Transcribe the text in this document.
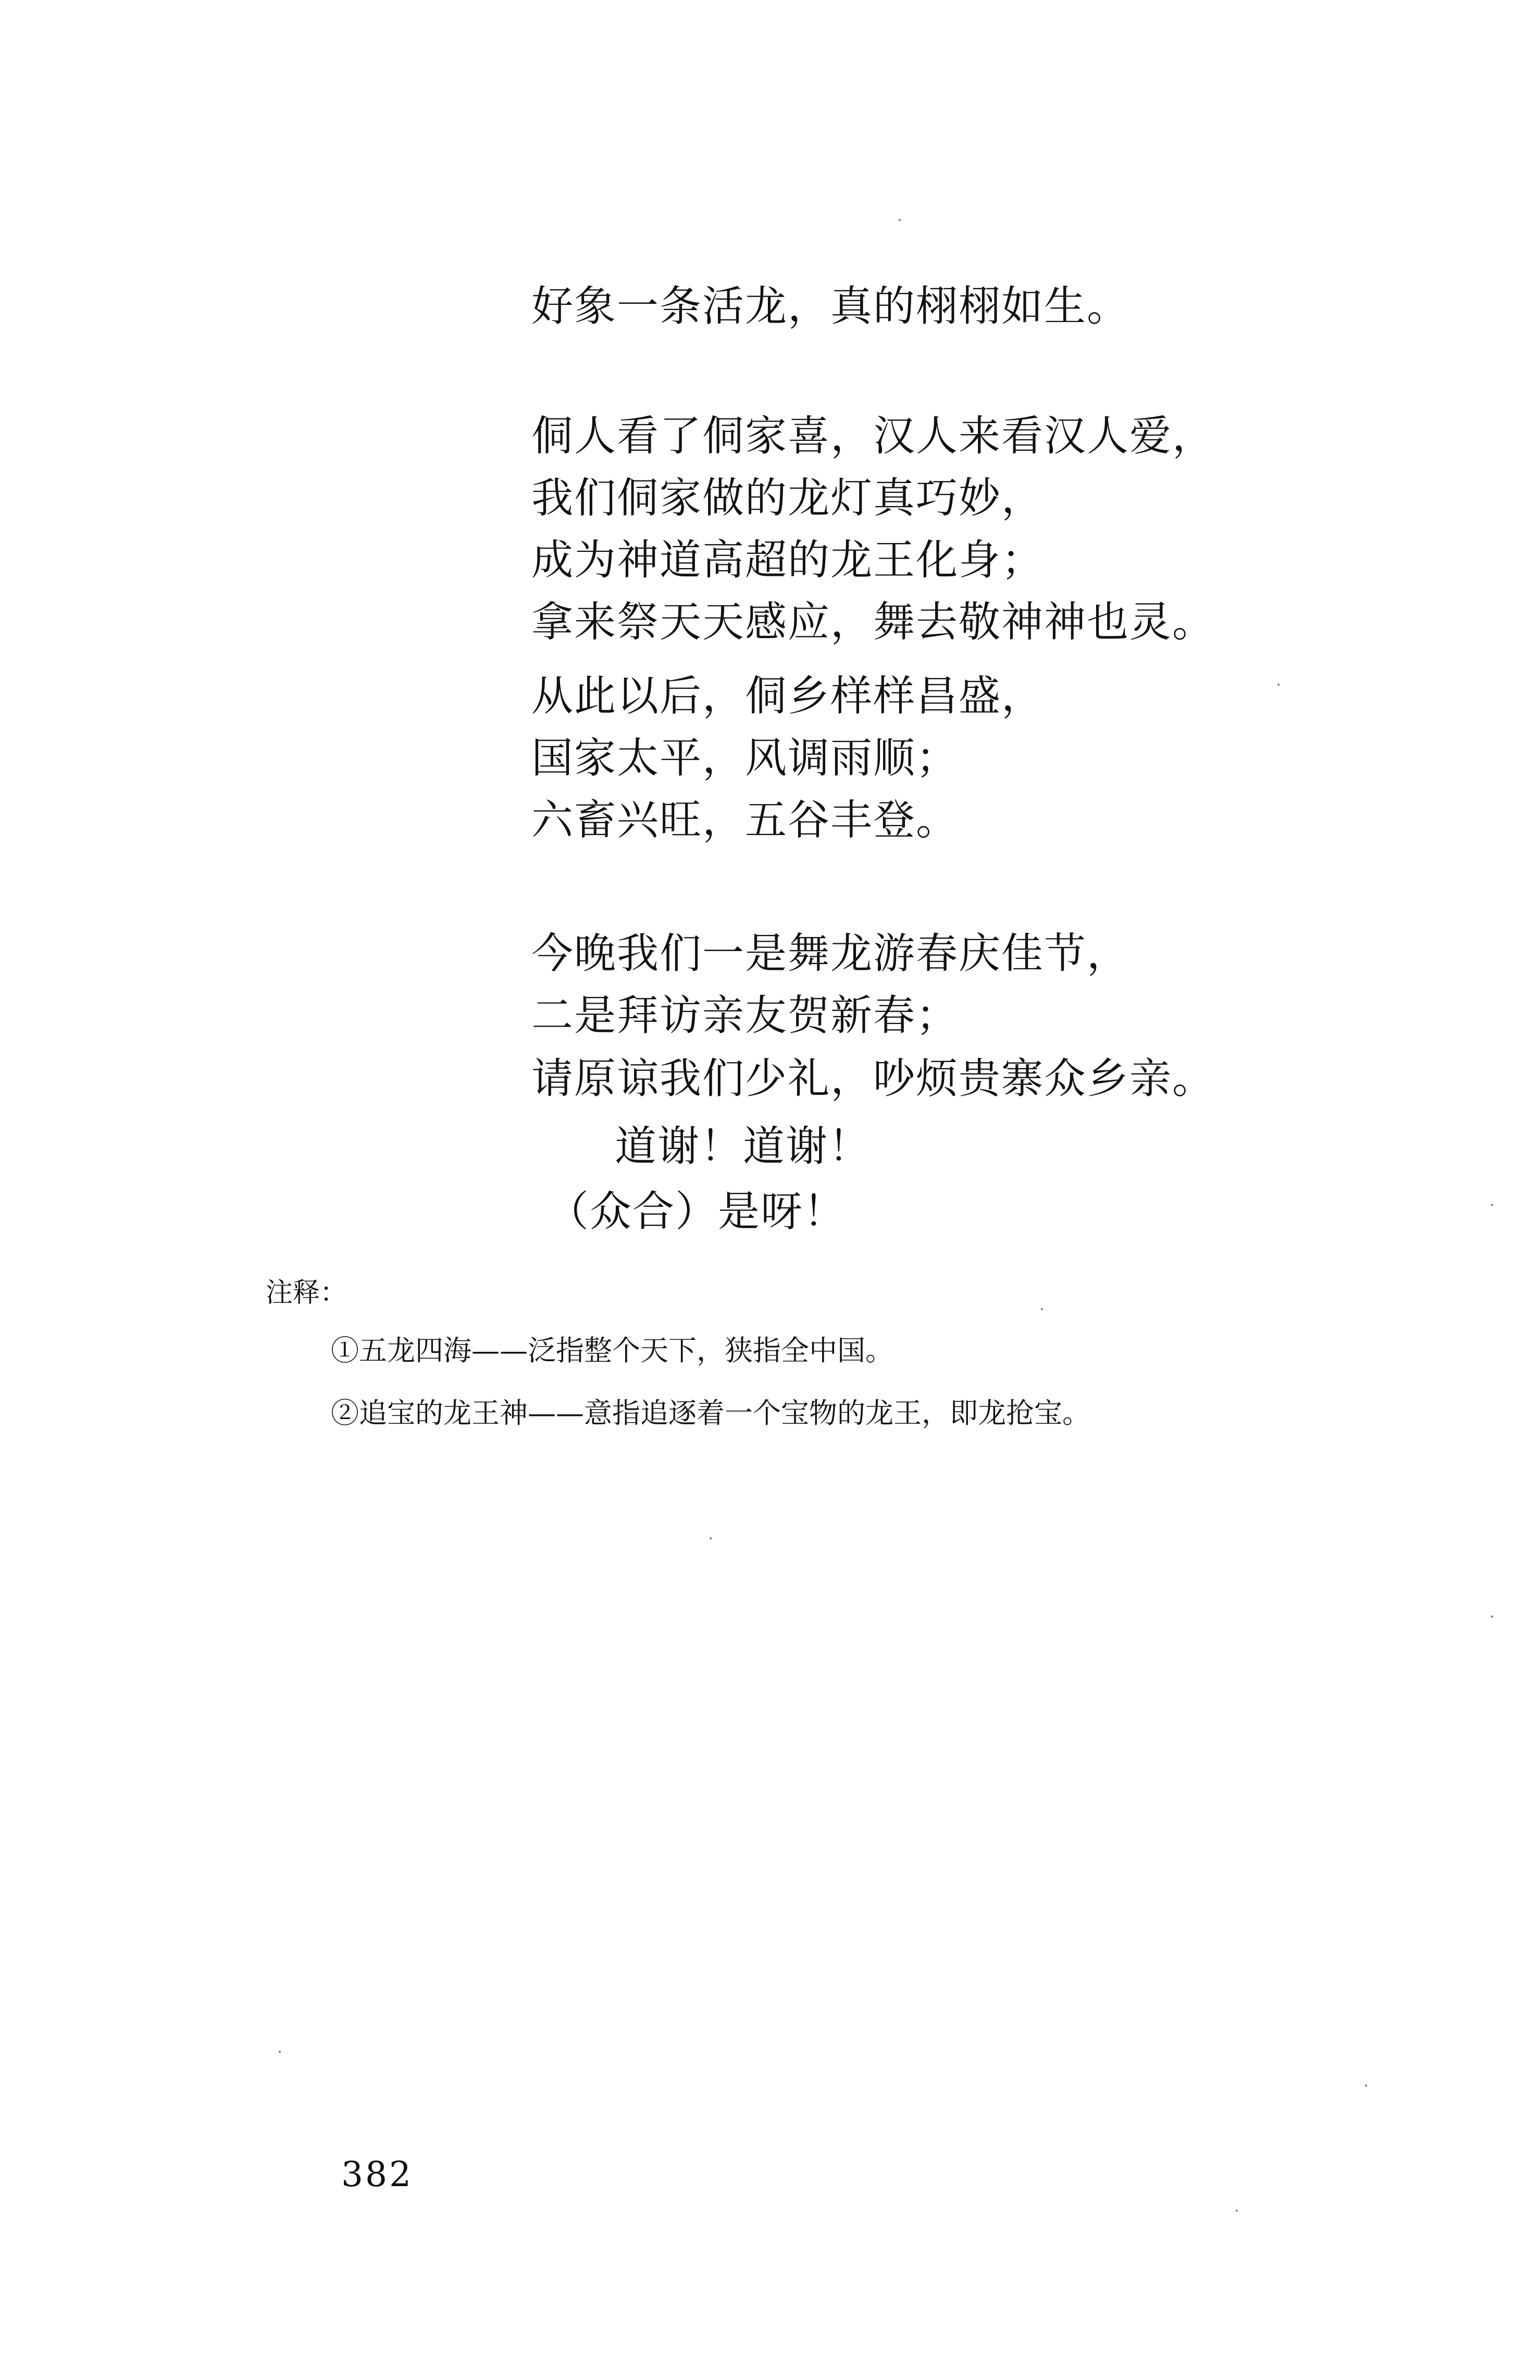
好象一条活龙，真的栩栩如生。

侗人看了侗家喜，汉人来看汉人爱，

我们侗家做的龙灯真巧妙，

成为神道高超的龙王化身；

拿来祭天天感应，舞去敬神神也灵。

从此以后，侗乡样样昌盛，

国家太平，风调雨顺；

六畜兴旺，五谷丰登。

今晚我们一是舞龙游春庆佳节，

二是拜访亲友贺新春；

请原谅我们少礼，吵烦贵寨众乡亲。

道谢！道谢！

（众合）是呀！

注释：
①五龙四海——泛指整个天下，狭指全中国。
②追宝的龙王神——意指追逐着一个宝物的龙王，即龙抢宝。
382
